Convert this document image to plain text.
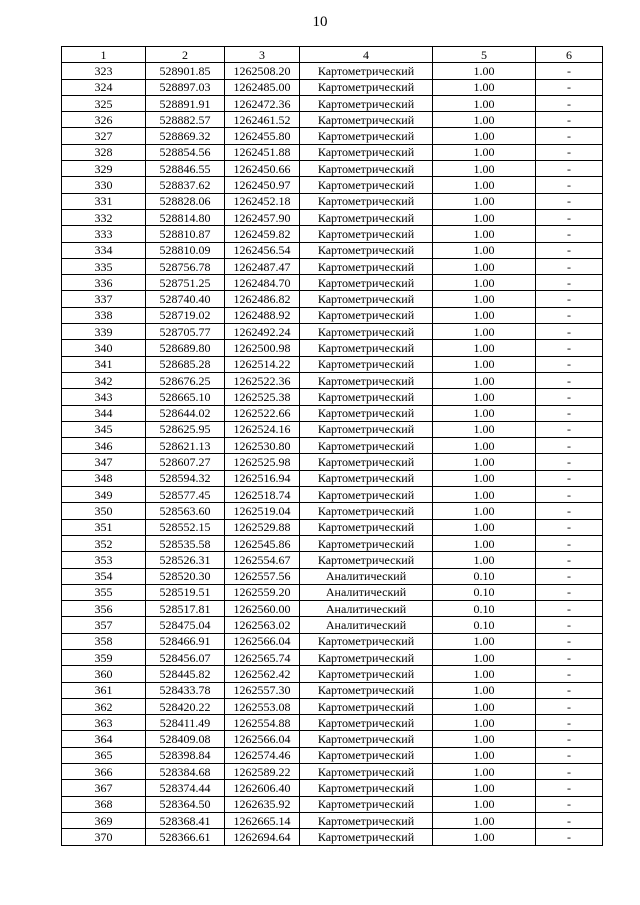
10
1	2	3	4	5	6
323	528901.85	1262508.20	Картометрический	1.00	-
324	528897.03	1262485.00	Картометрический	1.00	-
325	528891.91	1262472.36	Картометрический	1.00	-
326	528882.57	1262461.52	Картометрический	1.00	-
327	528869.32	1262455.80	Картометрический	1.00	-
328	528854.56	1262451.88	Картометрический	1.00	-
329	528846.55	1262450.66	Картометрический	1.00	-
330	528837.62	1262450.97	Картометрический	1.00	-
331	528828.06	1262452.18	Картометрический	1.00	-
332	528814.80	1262457.90	Картометрический	1.00	-
333	528810.87	1262459.82	Картометрический	1.00	-
334	528810.09	1262456.54	Картометрический	1.00	-
335	528756.78	1262487.47	Картометрический	1.00	-
336	528751.25	1262484.70	Картометрический	1.00	-
337	528740.40	1262486.82	Картометрический	1.00	-
338	528719.02	1262488.92	Картометрический	1.00	-
339	528705.77	1262492.24	Картометрический	1.00	-
340	528689.80	1262500.98	Картометрический	1.00	-
341	528685.28	1262514.22	Картометрический	1.00	-
342	528676.25	1262522.36	Картометрический	1.00	-
343	528665.10	1262525.38	Картометрический	1.00	-
344	528644.02	1262522.66	Картометрический	1.00	-
345	528625.95	1262524.16	Картометрический	1.00	-
346	528621.13	1262530.80	Картометрический	1.00	-
347	528607.27	1262525.98	Картометрический	1.00	-
348	528594.32	1262516.94	Картометрический	1.00	-
349	528577.45	1262518.74	Картометрический	1.00	-
350	528563.60	1262519.04	Картометрический	1.00	-
351	528552.15	1262529.88	Картометрический	1.00	-
352	528535.58	1262545.86	Картометрический	1.00	-
353	528526.31	1262554.67	Картометрический	1.00	-
354	528520.30	1262557.56	Аналитический	0.10	-
355	528519.51	1262559.20	Аналитический	0.10	-
356	528517.81	1262560.00	Аналитический	0.10	-
357	528475.04	1262563.02	Аналитический	0.10	-
358	528466.91	1262566.04	Картометрический	1.00	-
359	528456.07	1262565.74	Картометрический	1.00	-
360	528445.82	1262562.42	Картометрический	1.00	-
361	528433.78	1262557.30	Картометрический	1.00	-
362	528420.22	1262553.08	Картометрический	1.00	-
363	528411.49	1262554.88	Картометрический	1.00	-
364	528409.08	1262566.04	Картометрический	1.00	-
365	528398.84	1262574.46	Картометрический	1.00	-
366	528384.68	1262589.22	Картометрический	1.00	-
367	528374.44	1262606.40	Картометрический	1.00	-
368	528364.50	1262635.92	Картометрический	1.00	-
369	528368.41	1262665.14	Картометрический	1.00	-
370	528366.61	1262694.64	Картометрический	1.00	-
